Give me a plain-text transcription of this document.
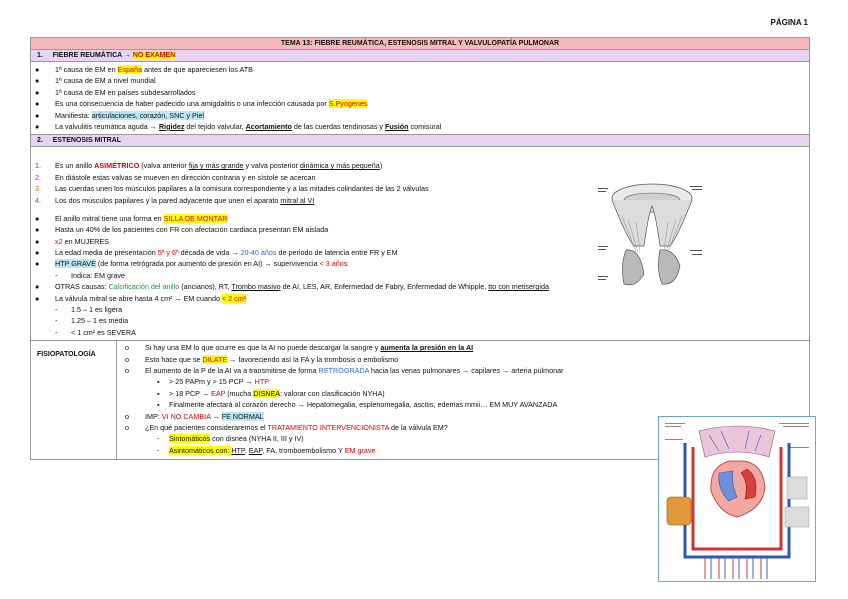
PÁGINA 1
TEMA 13: FIEBRE REUMÁTICA, ESTENOSIS MITRAL Y VALVULOPATÍA PULMONAR
1. FIEBRE REUMÁTICA → NO EXAMEN
●	1ª causa de EM en España antes de que apareciesen los ATB
●	1ª causa de EM a nivel mundial
●	1ª causa de EM en países subdesarrollados
●	Es una consecuencia de haber padecido una amigdalitis o una infección causada por S.Pyogenes
●	Manifiesta: articulaciones, corazón, SNC y Piel
●	La valvulitis reumática aguda → Rigidez del tejido valvular, Acortamiento de las cuerdas tendinosas y Fusión comisural
2. ESTENOSIS MITRAL
1.	Es un anillo ASIMÉTRICO (valva anterior fija y más grande y valva posterior dinámica y más pequeña)
2.	En diástole estas valvas se mueven en dirección contraria y en sístole se acercan
3.	Las cuerdas unen los músculos papilares a la comisura correspondiente y a las mitades colindantes de las 2 válvulas
4.	Los dos músculos papilares y la pared adyacente que unen el aparato mitral al VI
●	El anillo mitral tiene una forma en SILLA DE MONTAR
●	Hasta un 40% de los pacientes con FR con afectación cardiaca presentan EM aislada
●	x2 en MUJERES
●	La edad media de presentación 5ª y 6ª década de vida → 20-40 años de periodo de latencia entre FR y EM
●	HTP GRAVE (de forma retrógrada por aumento de presión en AI) → supervivencia < 3 años
-	Indica: EM grave
●	OTRAS causas: Calcificación del anillo (ancianos), RT, Trombo masivo de AI, LES, AR, Enfermedad de Fabry, Enfermedad de Whipple, tto con metisergida
●	La válvula mitral se abre hasta 4 cm² → EM cuando < 2 cm²
-	1.5 – 1 es ligera
-	1.25 – 1 es media
-	< 1 cm² es SEVERA
FISIOPATOLOGÍA
o	Si hay una EM lo que ocurre es que la AI no puede descargar la sangre y aumenta la presión en la AI
o	Esto hace que se DILATE → favoreciendo así la FA y la trombosis o embolismo
o	El aumento de la P de la AI va a transmitirse de forma RETRÓGRADA hacia las venas pulmonares → capilares → arteria pulmonar
▪	> 25 PAPm y > 15 PCP → HTP
▪	> 18 PCP → EAP (mucha DISNEA: valorar con clasificación NYHA)
▪	Finalmente afectará al corazón derecho → Hepatomegalia, esplenomegalia, ascitis, edemas mmii… EM MUY AVANZADA
o	IMP: VI NO CAMBIA → FE NORMAL
o	¿En qué pacientes consideraremos el TRATAMIENTO INTERVENCIONISTA de la válvula EM?
-	Sintomáticos con disnea (NYHA II, III y IV)
-	Asintomáticos con: HTP, EAP, FA, tromboembolismo Y EM grave
